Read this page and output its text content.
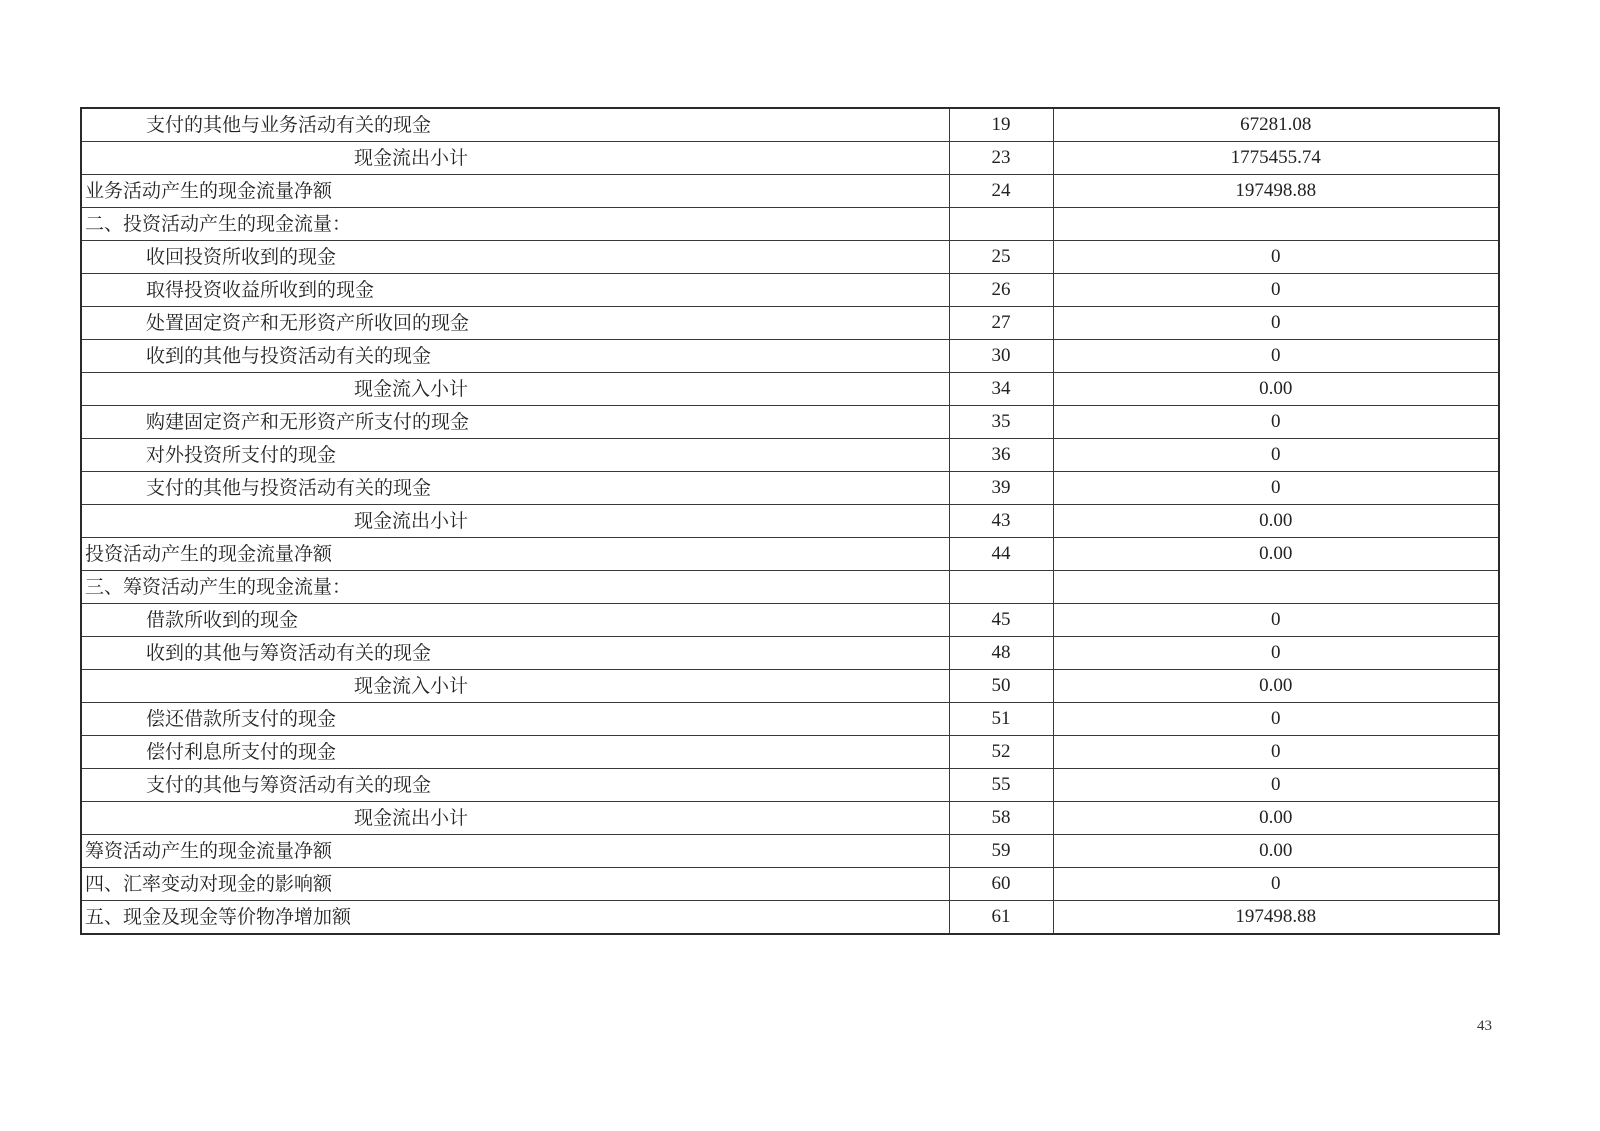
支付的其他与业务活动有关的现金	19	67281.08
现金流出小计	23	1775455.74
业务活动产生的现金流量净额	24	197498.88
二、投资活动产生的现金流量：		
收回投资所收到的现金	25	0
取得投资收益所收到的现金	26	0
处置固定资产和无形资产所收回的现金	27	0
收到的其他与投资活动有关的现金	30	0
现金流入小计	34	0.00
购建固定资产和无形资产所支付的现金	35	0
对外投资所支付的现金	36	0
支付的其他与投资活动有关的现金	39	0
现金流出小计	43	0.00
投资活动产生的现金流量净额	44	0.00
三、筹资活动产生的现金流量：		
借款所收到的现金	45	0
收到的其他与筹资活动有关的现金	48	0
现金流入小计	50	0.00
偿还借款所支付的现金	51	0
偿付利息所支付的现金	52	0
支付的其他与筹资活动有关的现金	55	0
现金流出小计	58	0.00
筹资活动产生的现金流量净额	59	0.00
四、汇率变动对现金的影响额	60	0
五、现金及现金等价物净增加额	61	197498.88
43
